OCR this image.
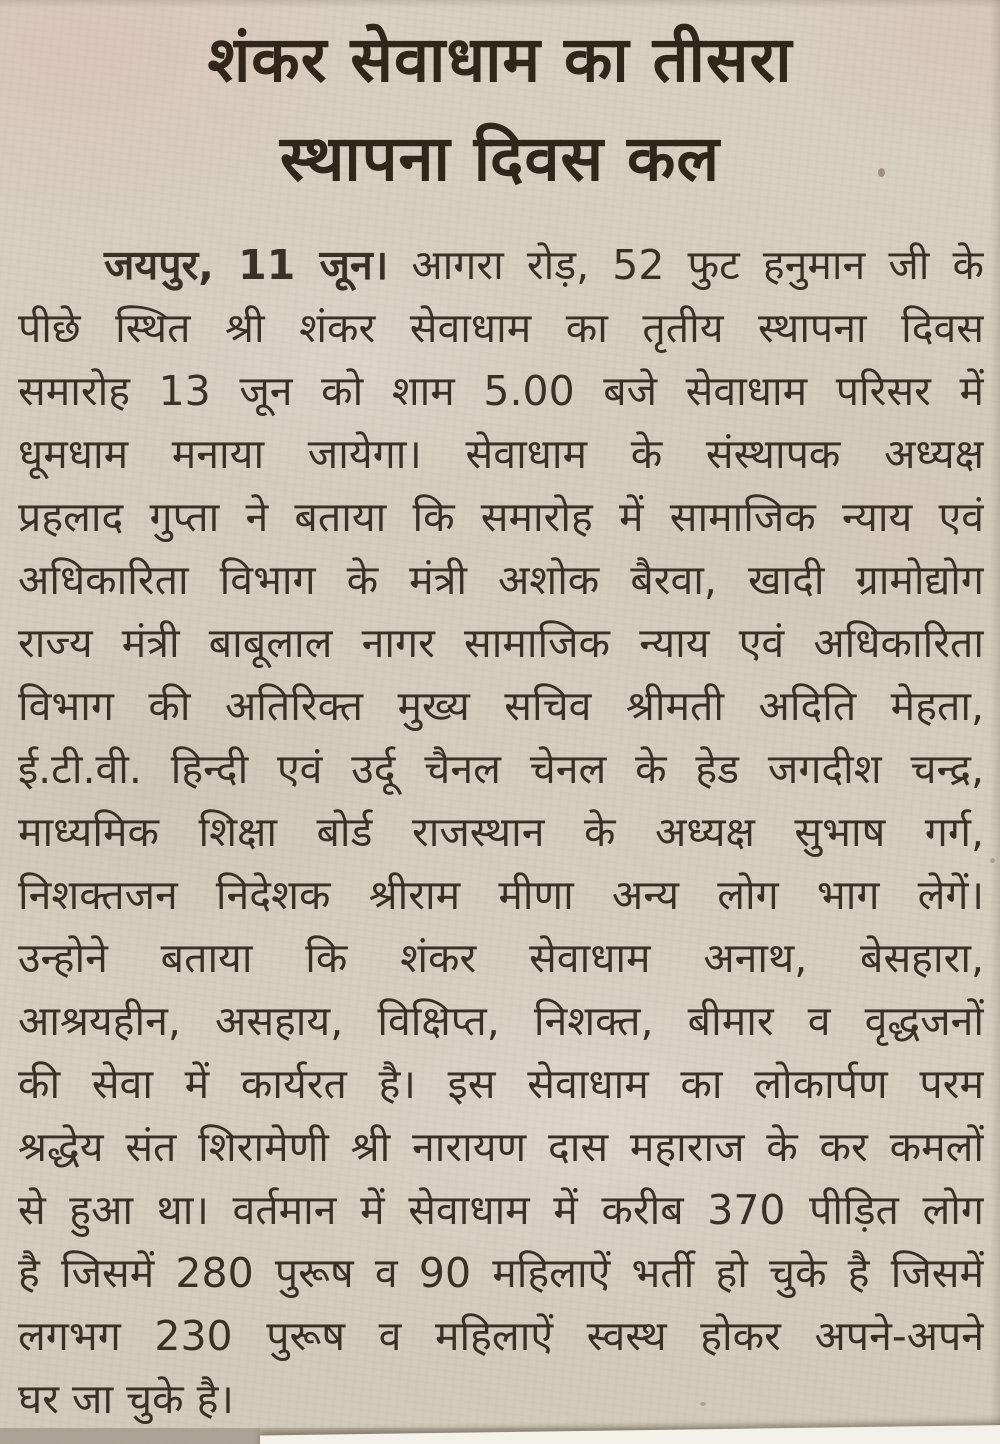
शंकर सेवाधाम का तीसरा
स्थापना दिवस कल
जयपुर, 11 जून। आगरा रोड़, 52 फुट हनुमान जी के
पीछे स्थित श्री शंकर सेवाधाम का तृतीय स्थापना दिवस
समारोह 13 जून को शाम 5.00 बजे सेवाधाम परिसर में
धूमधाम मनाया जायेगा। सेवाधाम के संस्थापक अध्यक्ष
प्रहलाद गुप्ता ने बताया कि समारोह में सामाजिक न्याय एवं
अधिकारिता विभाग के मंत्री अशोक बैरवा, खादी ग्रामोद्योग
राज्य मंत्री बाबूलाल नागर सामाजिक न्याय एवं अधिकारिता
विभाग की अतिरिक्त मुख्य सचिव श्रीमती अदिति मेहता,
ई.टी.वी. हिन्दी एवं उर्दू चैनल चेनल के हेड जगदीश चन्द्र,
माध्यमिक शिक्षा बोर्ड राजस्थान के अध्यक्ष सुभाष गर्ग,
निशक्तजन निदेशक श्रीराम मीणा अन्य लोग भाग लेगें।
उन्होने बताया कि शंकर सेवाधाम अनाथ, बेसहारा,
आश्रयहीन, असहाय, विक्षिप्त, निशक्त, बीमार व वृद्धजनों
की सेवा में कार्यरत है। इस सेवाधाम का लोकार्पण परम
श्रद्धेय संत शिरामेणी श्री नारायण दास महाराज के कर कमलों
से हुआ था। वर्तमान में सेवाधाम में करीब 370 पीड़ित लोग
है जिसमें 280 पुरूष व 90 महिलाऐं भर्ती हो चुके है जिसमें
लगभग 230 पुरूष व महिलाऐं स्वस्थ होकर अपने-अपने
घर जा चुके है।
